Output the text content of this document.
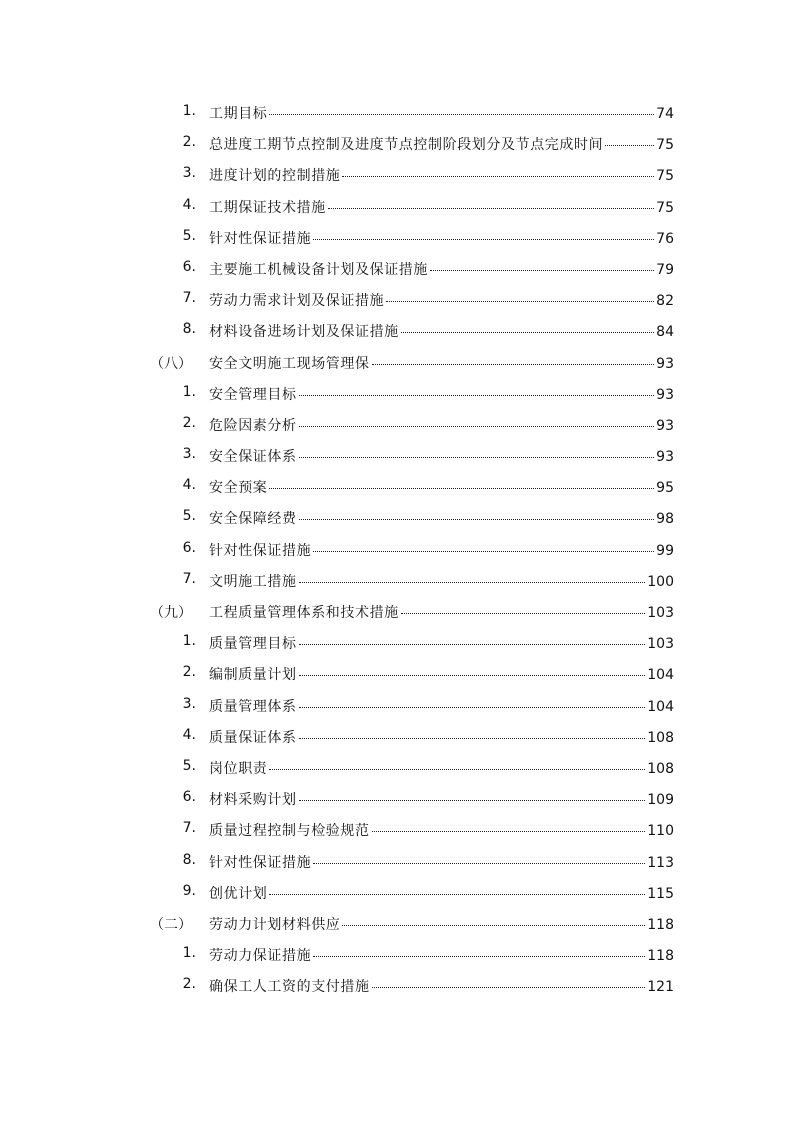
1. 工期目标	74
2. 总进度工期节点控制及进度节点控制阶段划分及节点完成时间	75
3. 进度计划的控制措施	75
4. 工期保证技术措施	75
5. 针对性保证措施	76
6. 主要施工机械设备计划及保证措施	79
7. 劳动力需求计划及保证措施	82
8. 材料设备进场计划及保证措施	84
（八） 安全文明施工现场管理保	93
1. 安全管理目标	93
2. 危险因素分析	93
3. 安全保证体系	93
4. 安全预案	95
5. 安全保障经费	98
6. 针对性保证措施	99
7. 文明施工措施	100
（九） 工程质量管理体系和技术措施	103
1. 质量管理目标	103
2. 编制质量计划	104
3. 质量管理体系	104
4. 质量保证体系	108
5. 岗位职责	108
6. 材料采购计划	109
7. 质量过程控制与检验规范	110
8. 针对性保证措施	113
9. 创优计划	115
（二） 劳动力计划材料供应	118
1. 劳动力保证措施	118
2. 确保工人工资的支付措施	121
